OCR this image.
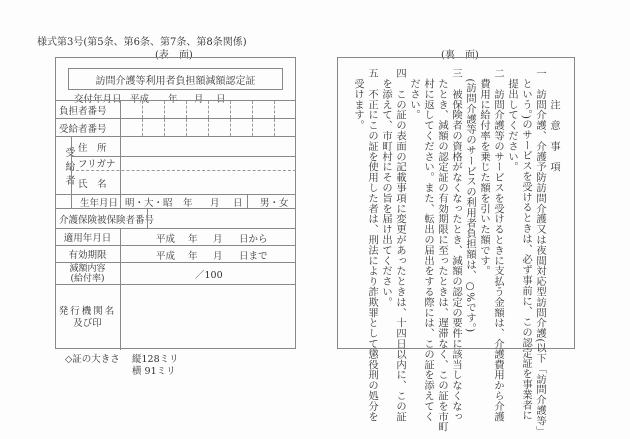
様式第3号(第5条、第6条、第7条、第8条関係)
(表　面)	(裏　面)
訪問介護等利用者負担額減額認定証
交付年月日 平成	年	月	日
負担者番号
受給者番号
受給者 住　所
フリガナ
氏　名
生年月日 明・大・昭 年 月 日 男・女
介護保険被保険者番号
適用年月日	平成 年 月 日から
有効期限	平成 年 月 日まで
減額内容
(給付率)	／100
発行機関名
及び印
◇証の大きさ 縦128ミリ
横 91ミリ
　　　注　意　事　項
一　訪問介護、介護予防訪問介護又は夜間対応型訪問介護(以下「訪問介護等」
　という。)のサービスを受けるときは、必ず事前に、この認定証を事業者に
　提出してください。
二　訪問介護等のサービスを受けるときに支払う金額は、介護費用から介護
　費用に給付率を乗じた額を引いた額です。
　(訪問介護等のサービスの利用者負担額は、○%です。)
三　被保険者の資格がなくなったとき、減額の認定の要件に該当しなくなっ
　たとき、減額の認定証の有効期限に至ったときは、遅滞なく、この証を市町
　村に返してください。また、転出の届出をする際には、この証を添えてく
　ださい。
四　この証の表面の記載事項に変更があったときは、十四日以内に、この証
　を添えて、市町村にその旨を届け出てください。
五　不正にこの証を使用した者は、刑法により詐欺罪として懲役刑の処分を
　受けます。
